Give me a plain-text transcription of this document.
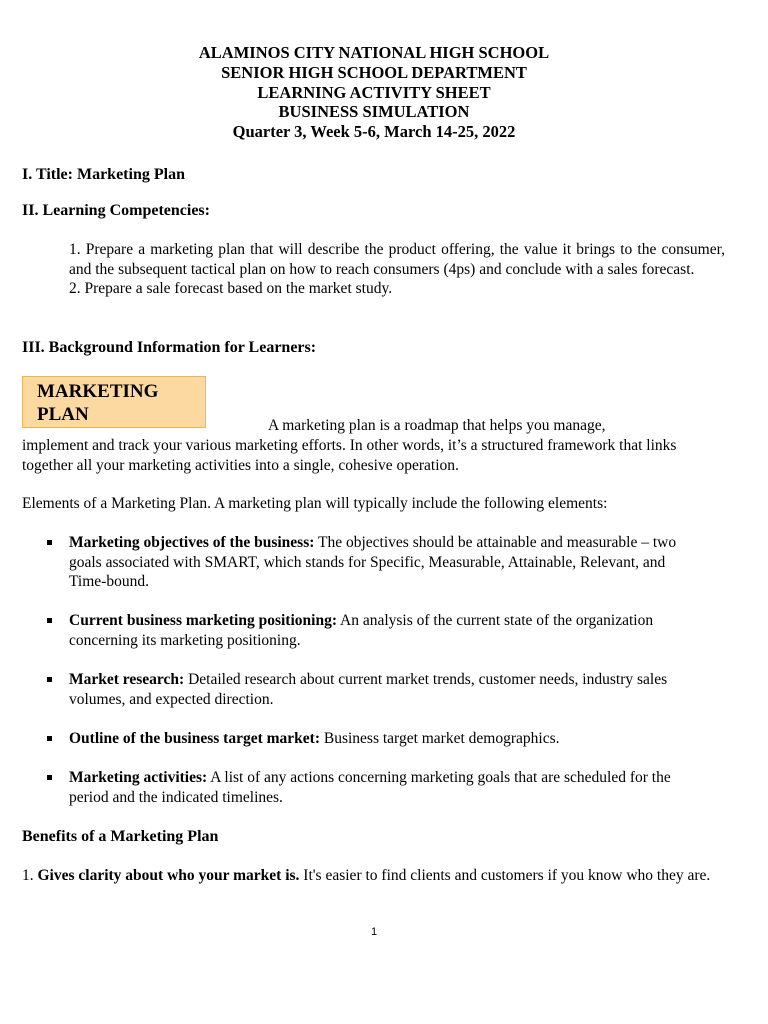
ALAMINOS CITY NATIONAL HIGH SCHOOL
SENIOR HIGH SCHOOL DEPARTMENT
LEARNING ACTIVITY SHEET
BUSINESS SIMULATION
Quarter 3, Week 5-6, March 14-25, 2022
I. Title: Marketing Plan
II. Learning Competencies:

1. Prepare a marketing plan that will describe the product offering, the value it brings to the consumer, and the subsequent tactical plan on how to reach consumers (4ps) and conclude with a sales forecast.

2. Prepare a sale forecast based on the market study.

III. Background Information for Learners:
MARKETING
PLAN
A marketing plan is a roadmap that helps you manage,
implement and track your various marketing efforts. In other words, it’s a structured framework that links together all your marketing activities into a single, cohesive operation.
Elements of a Marketing Plan. A marketing plan will typically include the following elements:
Marketing objectives of the business: The objectives should be attainable and measurable – two goals associated with SMART, which stands for Specific, Measurable, Attainable, Relevant, and Time-bound.
Current business marketing positioning: An analysis of the current state of the organization concerning its marketing positioning.
Market research: Detailed research about current market trends, customer needs, industry sales volumes, and expected direction.
Outline of the business target market: Business target market demographics.
Marketing activities: A list of any actions concerning marketing goals that are scheduled for the period and the indicated timelines.
Benefits of a Marketing Plan
1. Gives clarity about who your market is. It's easier to find clients and customers if you know who they are.
1
